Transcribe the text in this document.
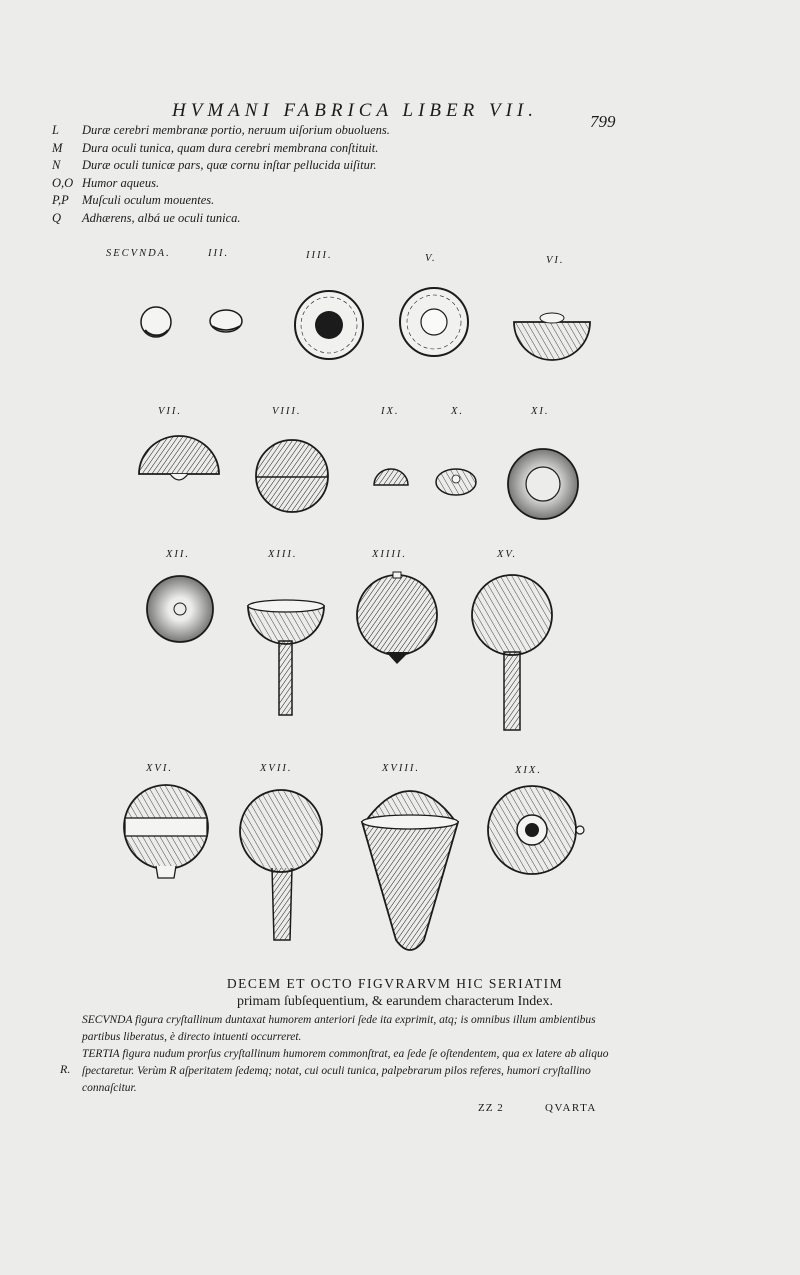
HVMANI FABRICA LIBER VII.
799
L Duræ cerebri membranæ portio, neruum uiſorium obuoluens.
M Dura oculi tunica, quam dura cerebri membrana conſtituit.
N Duræ oculi tunicæ pars, quæ cornu inſtar pellucida uiſitur.
O,O Humor aqueus.
P,P Muſculi oculum mouentes.
Q Adhærens, albá ue oculi tunica.
SECVNDA.	III.	IIII.	V.	VI.
VII.	VIII.	IX.	X.	XI.
XII.	XIII.	XIIII.	XV.
XVI.	XVII.	XVIII.	XIX.
DECEM ET OCTO FIGVRARVM HIC SERIATIM
primam ſubſequentium, & earundem characterum Index.
SECVNDA figura cryſtallinum duntaxat humorem anteriori ſede ita exprimit, atq; is omnibus illum ambientibus partibus liberatus, è directo intuenti occurreret.
TERTIA figura nudum prorſus cryſtallinum humorem commonſtrat, ea ſede ſe oſtendentem, qua ex latere ab aliquo ſpectaretur. Verùm R aſperitatem ſedemq; notat, cui oculi tunica, palpebrarum pilos referes, humori cryſtallino connaſcitur.
R.
ZZ 2	QVARTA
